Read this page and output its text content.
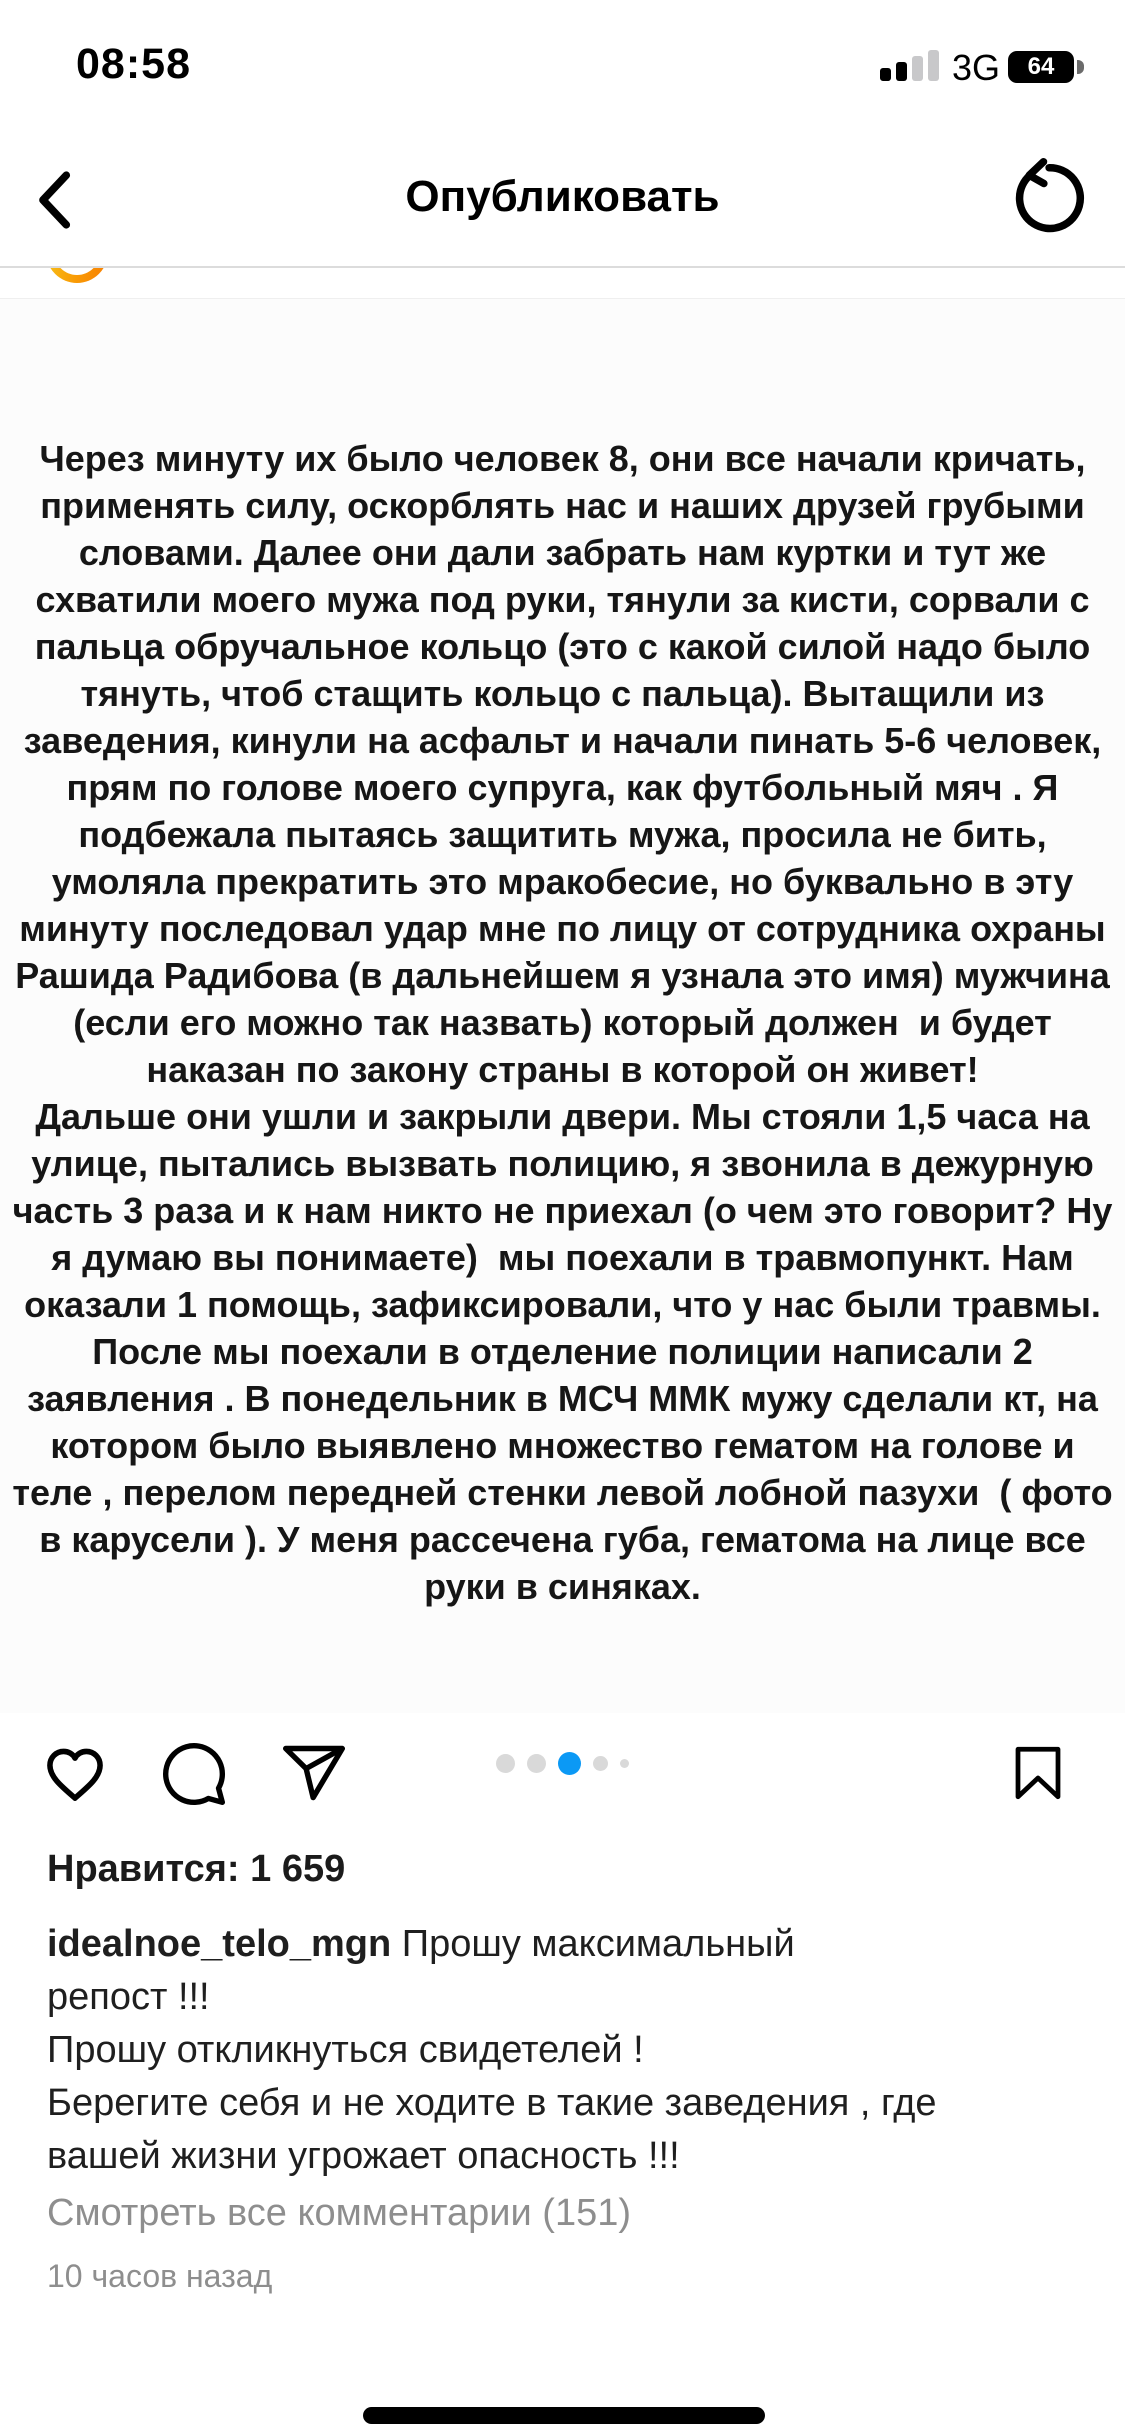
08:58	3G 64
Опубликовать
Через минуту их было человек 8, они все начали кричать,
применять силу, оскорблять нас и наших друзей грубыми
словами. Далее они дали забрать нам куртки и тут же
схватили моего мужа под руки, тянули за кисти, сорвали с
пальца обручальное кольцо (это с какой силой надо было
тянуть, чтоб стащить кольцо с пальца). Вытащили из
заведения, кинули на асфальт и начали пинать 5-6 человек,
прям по голове моего супруга, как футбольный мяч . Я
подбежала пытаясь защитить мужа, просила не бить,
умоляла прекратить это мракобесие, но буквально в эту
минуту последовал удар мне по лицу от сотрудника охраны
Рашида Радибова (в дальнейшем я узнала это имя) мужчина
(если его можно так назвать) который должен  и будет
наказан по закону страны в которой он живет!
Дальше они ушли и закрыли двери. Мы стояли 1,5 часа на
улице, пытались вызвать полицию, я звонила в дежурную
часть 3 раза и к нам никто не приехал (о чем это говорит? Ну
я думаю вы понимаете)  мы поехали в травмопункт. Нам
оказали 1 помощь, зафиксировали, что у нас были травмы.
После мы поехали в отделение полиции написали 2
заявления . В понедельник в МСЧ ММК мужу сделали кт, на
котором было выявлено множество гематом на голове и
теле , перелом передней стенки левой лобной пазухи  ( фото
в карусели ). У меня рассечена губа, гематома на лице все
руки в синяках.
Нравится: 1 659
idealnoe_telo_mgn Прошу максимальный
репост !!!
Прошу откликнуться свидетелей !
Берегите себя и не ходите в такие заведения , где
вашей жизни угрожает опасность !!!
Смотреть все комментарии (151)
10 часов назад
